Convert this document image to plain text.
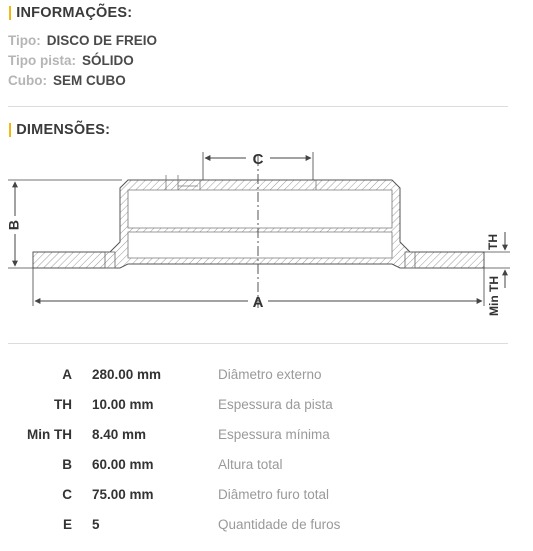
| INFORMAÇÕES:
Tipo: DISCO DE FREIO
Tipo pista: SÓLIDO
Cubo: SEM CUBO
| DIMENSÕES:
C
B
A
TH
Min TH
A 280.00 mm	Diâmetro externo
TH 10.00 mm	Espessura da pista
Min TH 8.40 mm	Espessura mínima
B 60.00 mm	Altura total
C 75.00 mm	Diâmetro furo total
E 5	Quantidade de furos
